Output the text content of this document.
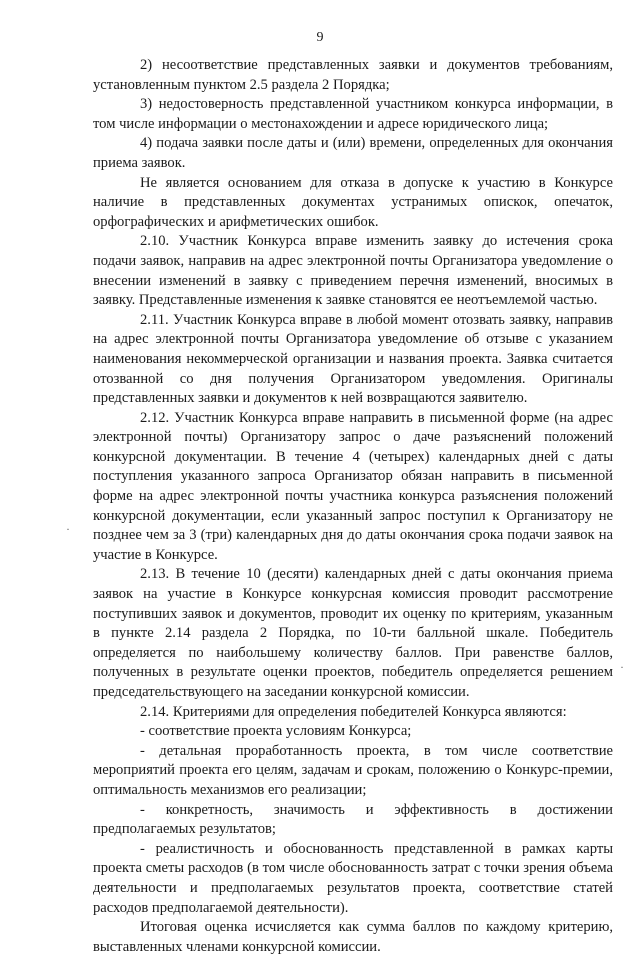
9

2) несоответствие представленных заявки и документов требованиям, установленным пунктом 2.5 раздела 2 Порядка;

3) недостоверность представленной участником конкурса информации, в том числе информации о местонахождении и адресе юридического лица;

4) подача заявки после даты и (или) времени, определенных для окончания приема заявок.

Не является основанием для отказа в допуске к участию в Конкурсе наличие в представленных документах устранимых опискок, опечаток, орфографических и арифметических ошибок.

2.10. Участник Конкурса вправе изменить заявку до истечения срока подачи заявок, направив на адрес электронной почты Организатора уведомление о внесении изменений в заявку с приведением перечня изменений, вносимых в заявку. Представленные изменения к заявке становятся ее неотъемлемой частью.

2.11. Участник Конкурса вправе в любой момент отозвать заявку, направив на адрес электронной почты Организатора уведомление об отзыве с указанием наименования некоммерческой организации и названия проекта. Заявка считается отозванной со дня получения Организатором уведомления. Оригиналы представленных заявки и документов к ней возвращаются заявителю.

2.12. Участник Конкурса вправе направить в письменной форме (на адрес электронной почты) Организатору запрос о даче разъяснений положений конкурсной документации. В течение 4 (четырех) календарных дней с даты поступления указанного запроса Организатор обязан направить в письменной форме на адрес электронной почты участника конкурса разъяснения положений конкурсной документации, если указанный запрос поступил к Организатору не позднее чем за 3 (три) календарных дня до даты окончания срока подачи заявок на участие в Конкурсе.

2.13. В течение 10 (десяти) календарных дней с даты окончания приема заявок на участие в Конкурсе конкурсная комиссия проводит рассмотрение поступивших заявок и документов, проводит их оценку по критериям, указанным в пункте 2.14 раздела 2 Порядка, по 10-ти балльной шкале. Победитель определяется по наибольшему количеству баллов. При равенстве баллов, полученных в результате оценки проектов, победитель определяется решением председательствующего на заседании конкурсной комиссии.

2.14. Критериями для определения победителей Конкурса являются:

- соответствие проекта условиям Конкурса;

- детальная проработанность проекта, в том числе соответствие мероприятий проекта его целям, задачам и срокам, положению о Конкурс-премии, оптимальность механизмов его реализации;

- конкретность, значимость и эффективность в достижении предполагаемых результатов;

- реалистичность и обоснованность представленной в рамках карты проекта сметы расходов (в том числе обоснованность затрат с точки зрения объема деятельности и предполагаемых результатов проекта, соответствие статей расходов предполагаемой деятельности).

Итоговая оценка исчисляется как сумма баллов по каждому критерию, выставленных членами конкурсной комиссии.

·
·
